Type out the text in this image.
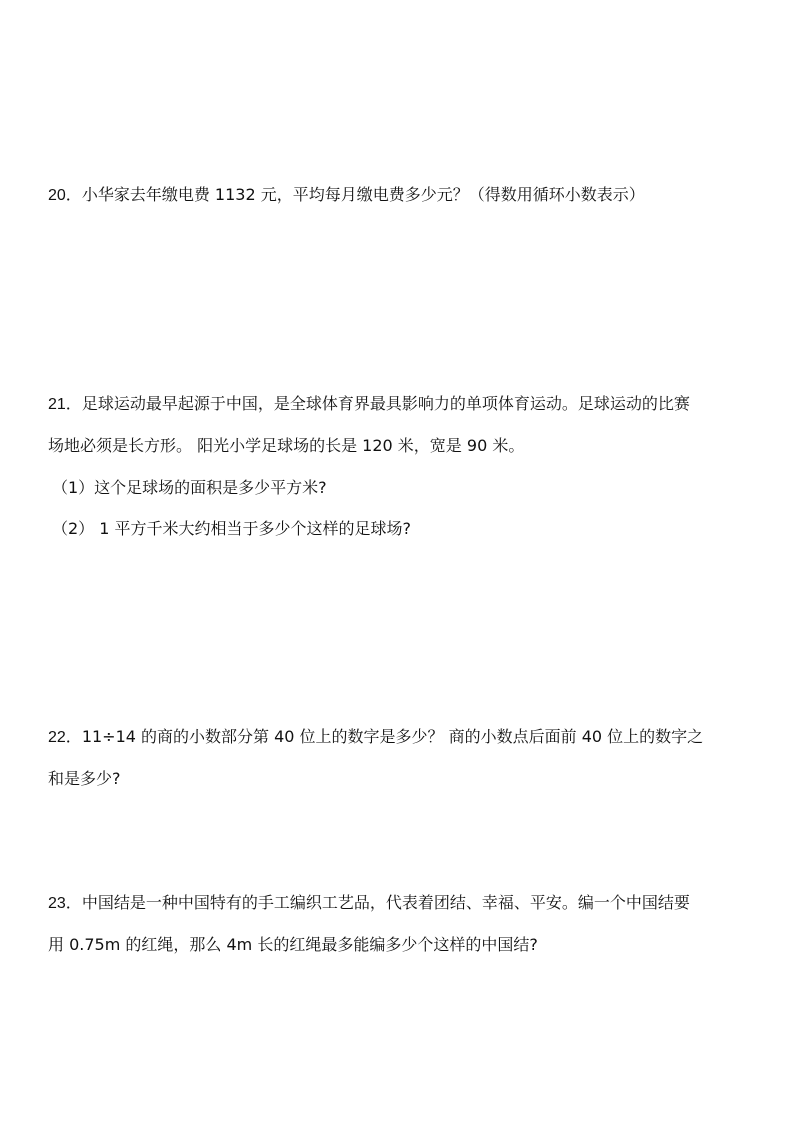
20．小华家去年缴电费 1132 元，平均每月缴电费多少元？（得数用循环小数表示）
21．足球运动最早起源于中国，是全球体育界最具影响力的单项体育运动。足球运动的比赛
场地必须是长方形。 阳光小学足球场的长是 120 米，宽是 90 米。
（1）这个足球场的面积是多少平方米?
（2） 1 平方千米大约相当于多少个这样的足球场?
22．11÷14 的商的小数部分第 40 位上的数字是多少？ 商的小数点后面前 40 位上的数字之
和是多少?
23．中国结是一种中国特有的手工编织工艺品，代表着团结、幸福、平安。编一个中国结要
用 0.75m 的红绳，那么 4m 长的红绳最多能编多少个这样的中国结?
